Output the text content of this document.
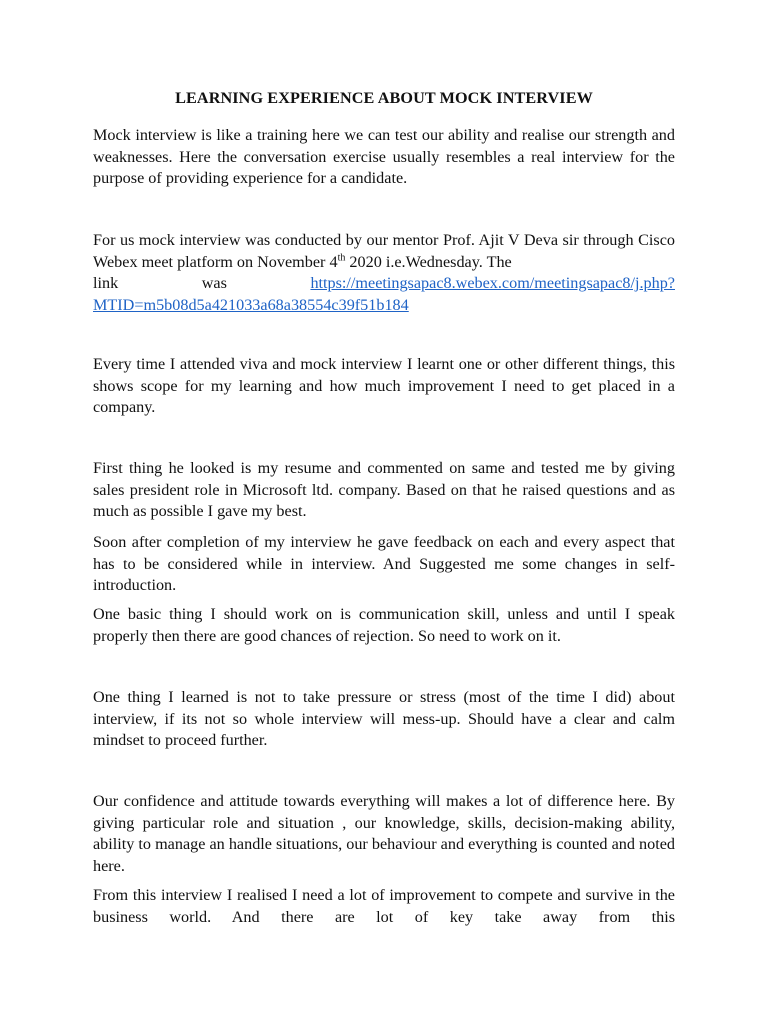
LEARNING EXPERIENCE ABOUT MOCK INTERVIEW

Mock interview is like a training here we can test our ability and realise our strength and weaknesses. Here the conversation exercise usually resembles a real interview for the purpose of providing experience for a candidate.

For us mock interview was conducted by our mentor Prof. Ajit V Deva sir through Cisco Webex meet platform on November 4th 2020 i.e.Wednesday. The
link	was	https://meetingsapac8.webex.com/meetingsapac8/j.php?
MTID=m5b08d5a421033a68a38554c39f51b184

Every time I attended viva and mock interview I learnt one or other different things, this shows scope for my learning and how much improvement I need to get placed in a company.

First thing he looked is my resume and commented on same and tested me by giving sales president role in Microsoft ltd. company. Based on that he raised questions and as much as possible I gave my best.

Soon after completion of my interview he gave feedback on each and every aspect that has to be considered while in interview. And Suggested me some changes in self-introduction.

One basic thing I should work on is communication skill, unless and until I speak properly then there are good chances of rejection. So need to work on it.

One thing I learned is not to take pressure or stress (most of the time I did) about interview, if its not so whole interview will mess-up. Should have a clear and calm mindset to proceed further.

Our confidence and attitude towards everything will makes a lot of difference here. By giving particular role and situation , our knowledge, skills, decision-making ability, ability to manage an handle situations, our behaviour and everything is counted and noted here.

From this interview I realised I need a lot of improvement to compete and survive in the business world. And there are lot of key take away from this
